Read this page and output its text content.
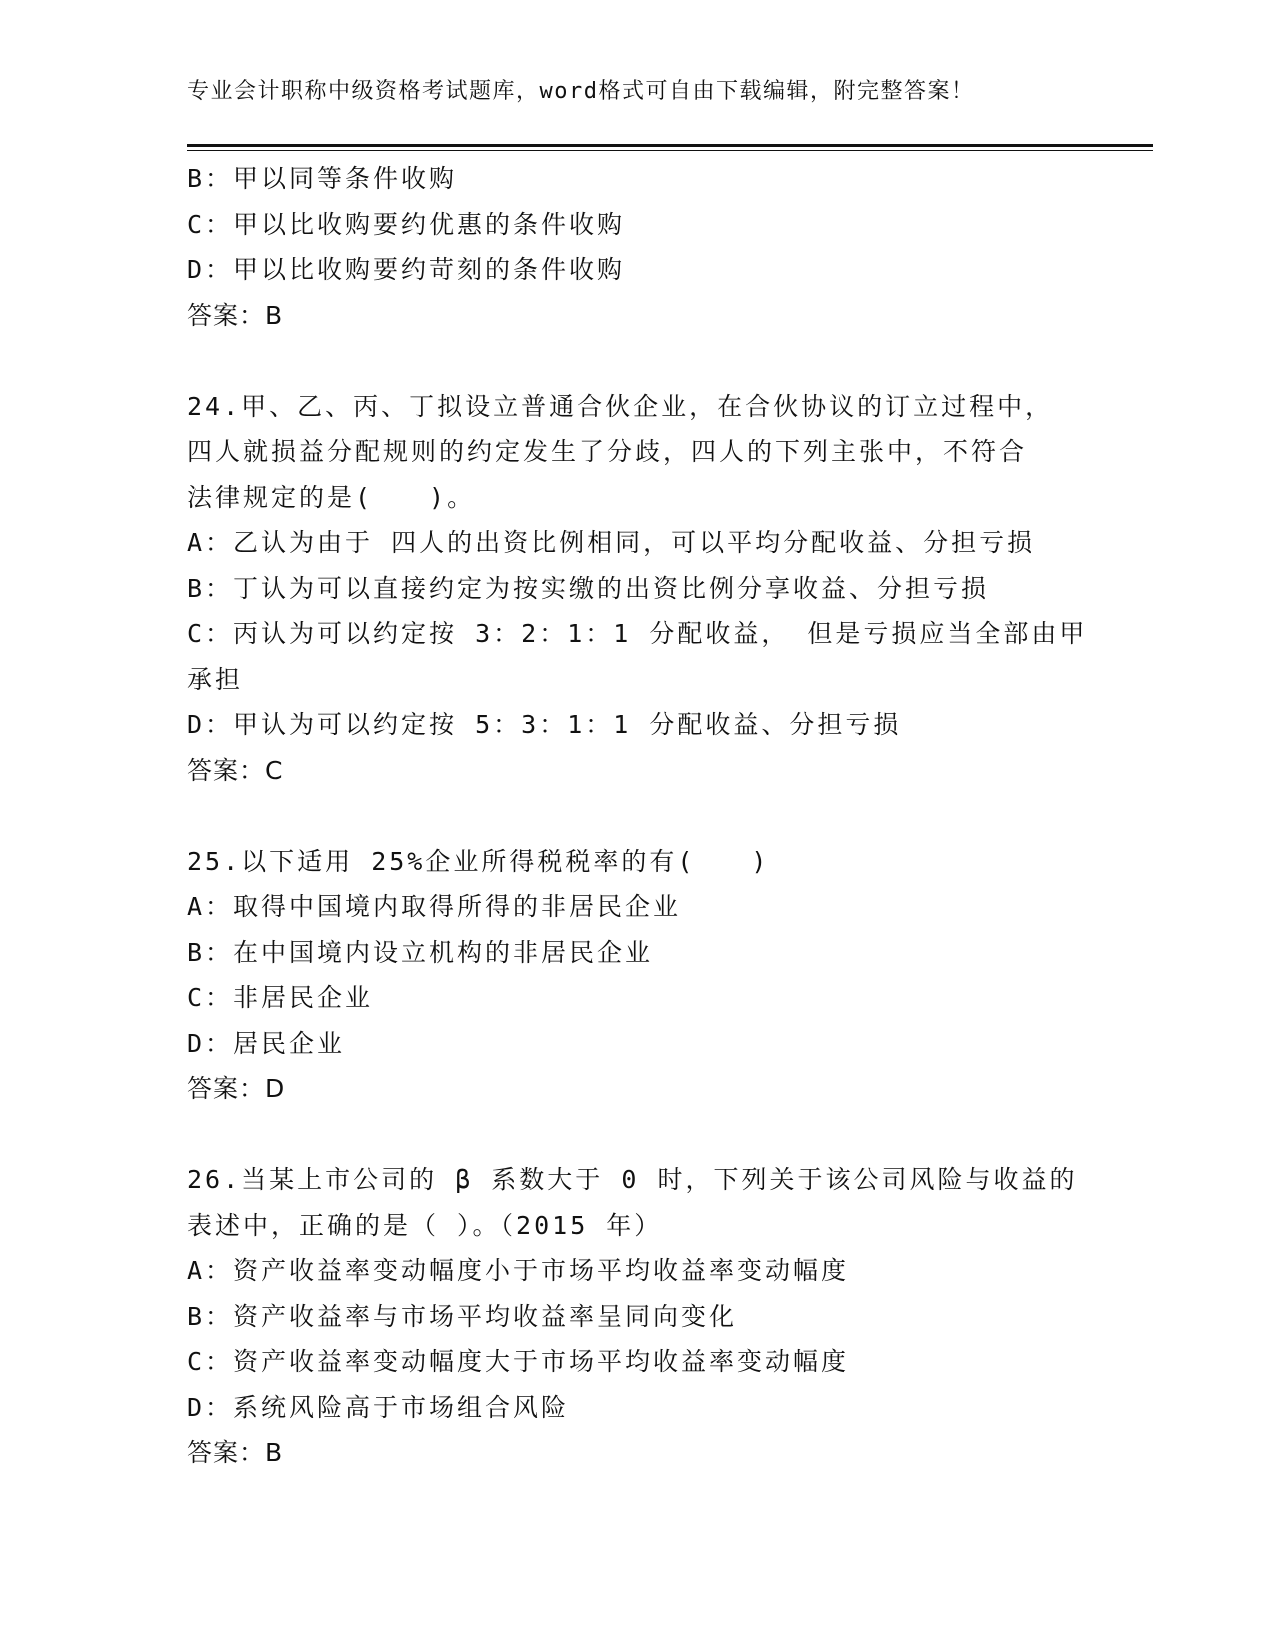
专业会计职称中级资格考试题库，word格式可自由下载编辑，附完整答案！
B：甲以同等条件收购
C：甲以比收购要约优惠的条件收购
D：甲以比收购要约苛刻的条件收购
答案：B
24.甲、乙、丙、丁拟设立普通合伙企业，在合伙协议的订立过程中，
四人就损益分配规则的约定发生了分歧，四人的下列主张中，不符合
法律规定的是(　　)。
A：乙认为由于 四人的出资比例相同，可以平均分配收益、分担亏损
B：丁认为可以直接约定为按实缴的出资比例分享收益、分担亏损
C：丙认为可以约定按 3：2：1：1 分配收益， 但是亏损应当全部由甲
承担
D：甲认为可以约定按 5：3：1：1 分配收益、分担亏损
答案：C
25.以下适用 25%企业所得税税率的有(　　)
A：取得中国境内取得所得的非居民企业
B：在中国境内设立机构的非居民企业
C：非居民企业
D：居民企业
答案：D
26.当某上市公司的 β 系数大于 0 时，下列关于该公司风险与收益的
表述中，正确的是（ ）。（2015 年）
A：资产收益率变动幅度小于市场平均收益率变动幅度
B：资产收益率与市场平均收益率呈同向变化
C：资产收益率变动幅度大于市场平均收益率变动幅度
D：系统风险高于市场组合风险
答案：B
